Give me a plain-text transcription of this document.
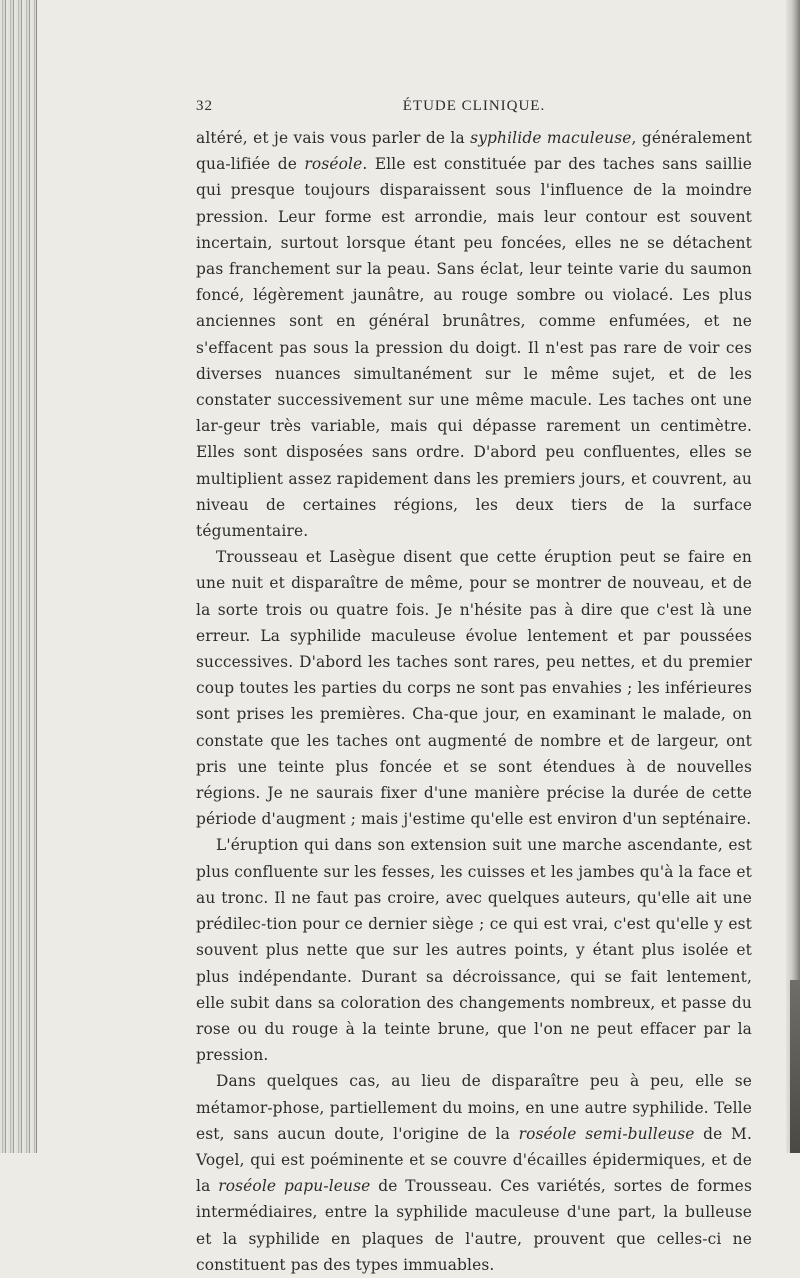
32	ÉTUDE CLINIQUE.

altéré, et je vais vous parler de la syphilide maculeuse, généralement qua-lifiée de roséole. Elle est constituée par des taches sans saillie qui presque toujours disparaissent sous l'influence de la moindre pression. Leur forme est arrondie, mais leur contour est souvent incertain, surtout lorsque étant peu foncées, elles ne se détachent pas franchement sur la peau. Sans éclat, leur teinte varie du saumon foncé, légèrement jaunâtre, au rouge sombre ou violacé. Les plus anciennes sont en général brunâtres, comme enfumées, et ne s'effacent pas sous la pression du doigt. Il n'est pas rare de voir ces diverses nuances simultanément sur le même sujet, et de les constater successivement sur une même macule. Les taches ont une lar-geur très variable, mais qui dépasse rarement un centimètre. Elles sont disposées sans ordre. D'abord peu confluentes, elles se multiplient assez rapidement dans les premiers jours, et couvrent, au niveau de certaines régions, les deux tiers de la surface tégumentaire.

Trousseau et Lasègue disent que cette éruption peut se faire en une nuit et disparaître de même, pour se montrer de nouveau, et de la sorte trois ou quatre fois. Je n'hésite pas à dire que c'est là une erreur. La syphilide maculeuse évolue lentement et par poussées successives. D'abord les taches sont rares, peu nettes, et du premier coup toutes les parties du corps ne sont pas envahies ; les inférieures sont prises les premières. Cha-que jour, en examinant le malade, on constate que les taches ont augmenté de nombre et de largeur, ont pris une teinte plus foncée et se sont étendues à de nouvelles régions. Je ne saurais fixer d'une manière précise la durée de cette période d'augment ; mais j'estime qu'elle est environ d'un septénaire.

L'éruption qui dans son extension suit une marche ascendante, est plus confluente sur les fesses, les cuisses et les jambes qu'à la face et au tronc. Il ne faut pas croire, avec quelques auteurs, qu'elle ait une prédilec-tion pour ce dernier siège ; ce qui est vrai, c'est qu'elle y est souvent plus nette que sur les autres points, y étant plus isolée et plus indépendante. Durant sa décroissance, qui se fait lentement, elle subit dans sa coloration des changements nombreux, et passe du rose ou du rouge à la teinte brune, que l'on ne peut effacer par la pression.

Dans quelques cas, au lieu de disparaître peu à peu, elle se métamor-phose, partiellement du moins, en une autre syphilide. Telle est, sans aucun doute, l'origine de la roséole semi-bulleuse de M. Vogel, qui est poéminente et se couvre d'écailles épidermiques, et de la roséole papu-leuse de Trousseau. Ces variétés, sortes de formes intermédiaires, entre la syphilide maculeuse d'une part, la bulleuse et la syphilide en plaques de l'autre, prouvent que celles-ci ne constituent pas des types immuables.
